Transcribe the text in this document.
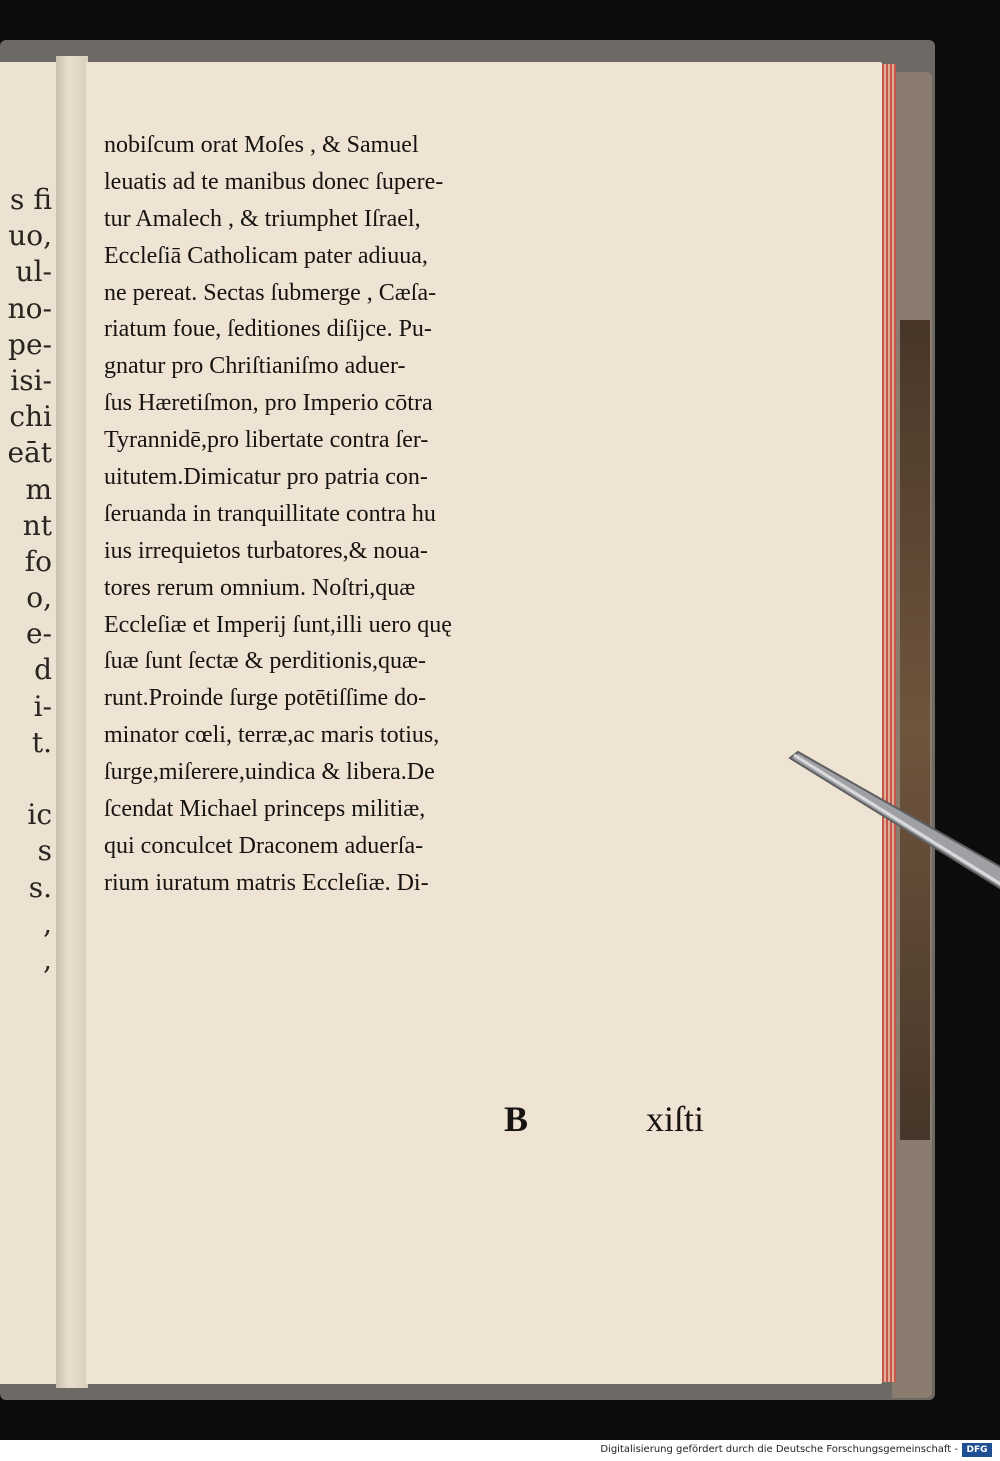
s fi
uo,
ul-
no-
pe-
isi-
chi
eāt
m
nt
fo
o,
e-
d
i-
t.
ic
s
s.
,
,
nobiſcum orat Moſes , & Samuel
leuatis ad te manibus donec ſupere-
tur Amalech , & triumphet Iſrael,
Eccleſiā Catholicam pater adiuua,
ne pereat. Sectas ſubmerge , Cæſa-
riatum foue, ſeditiones diſijce. Pu-
gnatur pro Chriſtianiſmo aduer-
ſus Hæretiſmon, pro Imperio cōtra
Tyrannidē,pro libertate contra ſer-
uitutem.Dimicatur pro patria con-
ſeruanda in tranquillitate contra hu
ius irrequietos turbatores,& noua-
tores rerum omnium. Noſtri,quæ
Eccleſiæ et Imperij ſunt,illi uero quę
ſuæ ſunt ſectæ & perditionis,quæ-
runt.Proinde ſurge potētiſſime do-
minator cœli, terræ,ac maris totius,
ſurge,miſerere,uindica & libera.De
ſcendat Michael princeps militiæ,
qui conculcet Draconem aduerſa-
rium iuratum matris Eccleſiæ. Di-
B	xiſti
Digitalisierung gefördert durch die Deutsche Forschungsgemeinschaft - DFG
